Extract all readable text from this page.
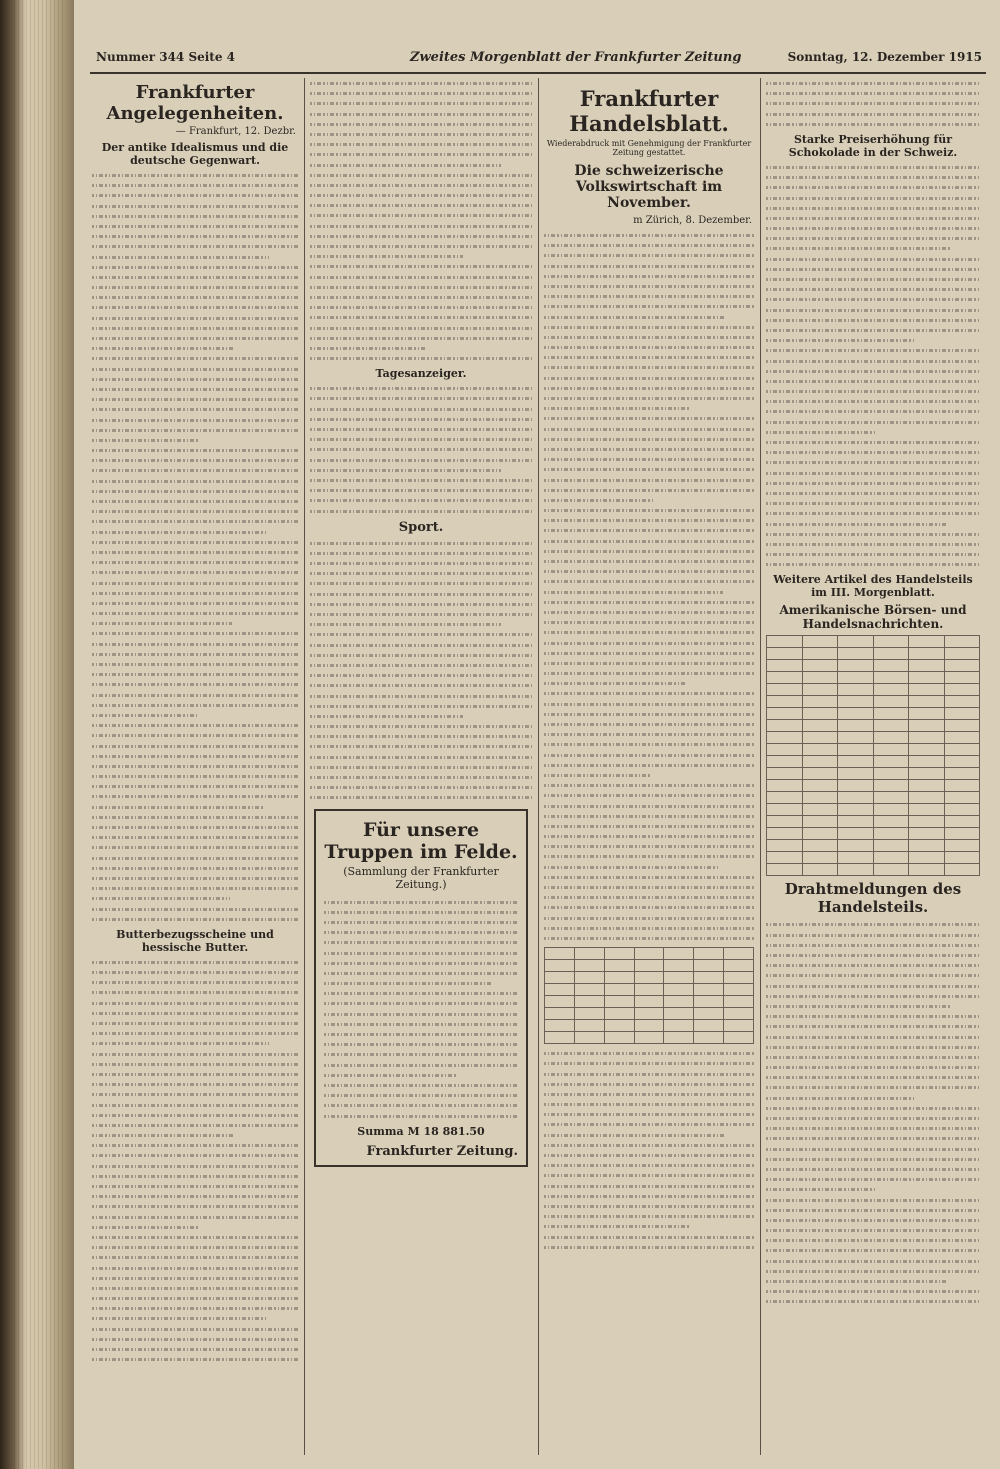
Nummer 344 Seite 4	Zweites Morgenblatt der Frankfurter Zeitung	Sonntag, 12. Dezember 1915
Frankfurter Angelegenheiten.
— Frankfurt, 12. Dezbr.
Der antike Idealismus und die deutsche Gegenwart.
Butterbezugsscheine und hessische Butter.
Tagesanzeiger.
Sport.
Für unsere Truppen im Felde.
(Sammlung der Frankfurter Zeitung.)
Summa M 18 881.50
Frankfurter Zeitung.
Frankfurter Handelsblatt.
Wiederabdruck mit Genehmigung der Frankfurter Zeitung gestattet.
Die schweizerische Volkswirtschaft im November.
m Zürich, 8. Dezember.

Starke Preiserhöhung für Schokolade in der Schweiz.
Weitere Artikel des Handelsteils im III. Morgenblatt.
Amerikanische Börsen- und Handelsnachrichten.

Drahtmeldungen des Handelsteils.
